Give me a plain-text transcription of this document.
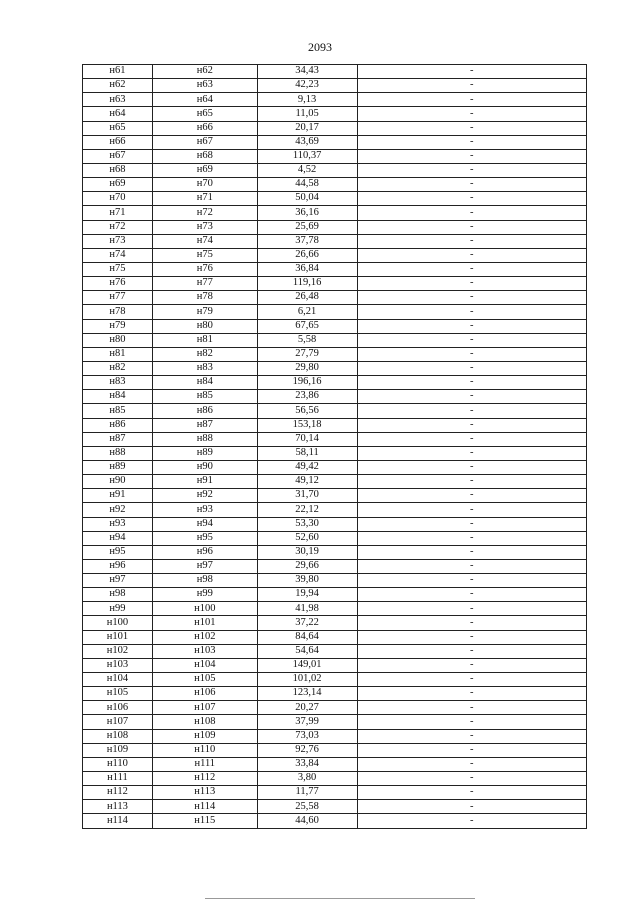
2093
н61	н62	34,43	-
н62	н63	42,23	-
н63	н64	9,13	-
н64	н65	11,05	-
н65	н66	20,17	-
н66	н67	43,69	-
н67	н68	110,37	-
н68	н69	4,52	-
н69	н70	44,58	-
н70	н71	50,04	-
н71	н72	36,16	-
н72	н73	25,69	-
н73	н74	37,78	-
н74	н75	26,66	-
н75	н76	36,84	-
н76	н77	119,16	-
н77	н78	26,48	-
н78	н79	6,21	-
н79	н80	67,65	-
н80	н81	5,58	-
н81	н82	27,79	-
н82	н83	29,80	-
н83	н84	196,16	-
н84	н85	23,86	-
н85	н86	56,56	-
н86	н87	153,18	-
н87	н88	70,14	-
н88	н89	58,11	-
н89	н90	49,42	-
н90	н91	49,12	-
н91	н92	31,70	-
н92	н93	22,12	-
н93	н94	53,30	-
н94	н95	52,60	-
н95	н96	30,19	-
н96	н97	29,66	-
н97	н98	39,80	-
н98	н99	19,94	-
н99	н100	41,98	-
н100	н101	37,22	-
н101	н102	84,64	-
н102	н103	54,64	-
н103	н104	149,01	-
н104	н105	101,02	-
н105	н106	123,14	-
н106	н107	20,27	-
н107	н108	37,99	-
н108	н109	73,03	-
н109	н110	92,76	-
н110	н111	33,84	-
н111	н112	3,80	-
н112	н113	11,77	-
н113	н114	25,58	-
н114	н115	44,60	-
